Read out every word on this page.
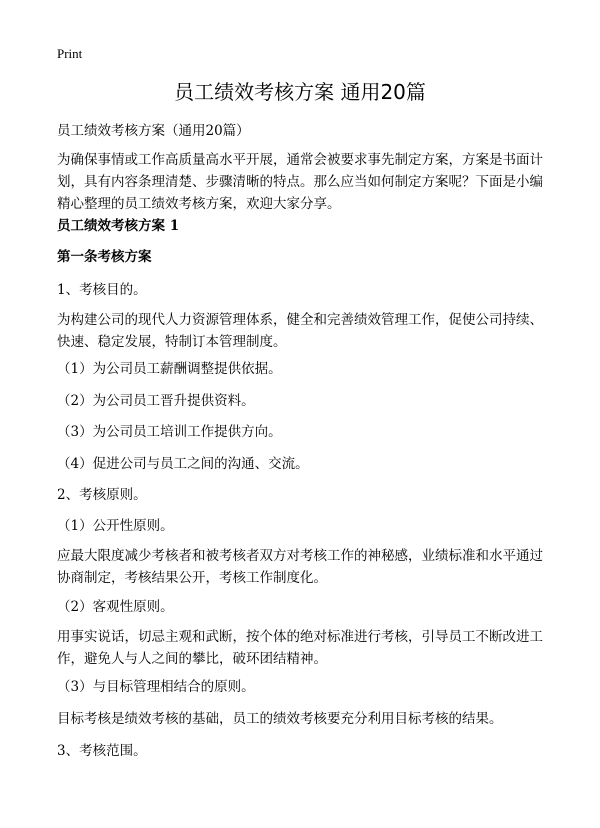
Print
员工绩效考核方案 通用20篇
员工绩效考核方案（通用20篇）
为确保事情或工作高质量高水平开展，通常会被要求事先制定方案，方案是书面计划，具有内容条理清楚、步骤清晰的特点。那么应当如何制定方案呢？下面是小编精心整理的员工绩效考核方案，欢迎大家分享。
员工绩效考核方案 1
第一条考核方案
1、考核目的。
为构建公司的现代人力资源管理体系，健全和完善绩效管理工作，促使公司持续、快速、稳定发展，特制订本管理制度。
（1）为公司员工薪酬调整提供依据。
（2）为公司员工晋升提供资料。
（3）为公司员工培训工作提供方向。
（4）促进公司与员工之间的沟通、交流。
2、考核原则。
（1）公开性原则。
应最大限度减少考核者和被考核者双方对考核工作的神秘感，业绩标准和水平通过协商制定，考核结果公开，考核工作制度化。
（2）客观性原则。
用事实说话，切忌主观和武断，按个体的绝对标准进行考核，引导员工不断改进工作，避免人与人之间的攀比，破环团结精神。
（3）与目标管理相结合的原则。
目标考核是绩效考核的基础，员工的绩效考核要充分利用目标考核的结果。
3、考核范围。
